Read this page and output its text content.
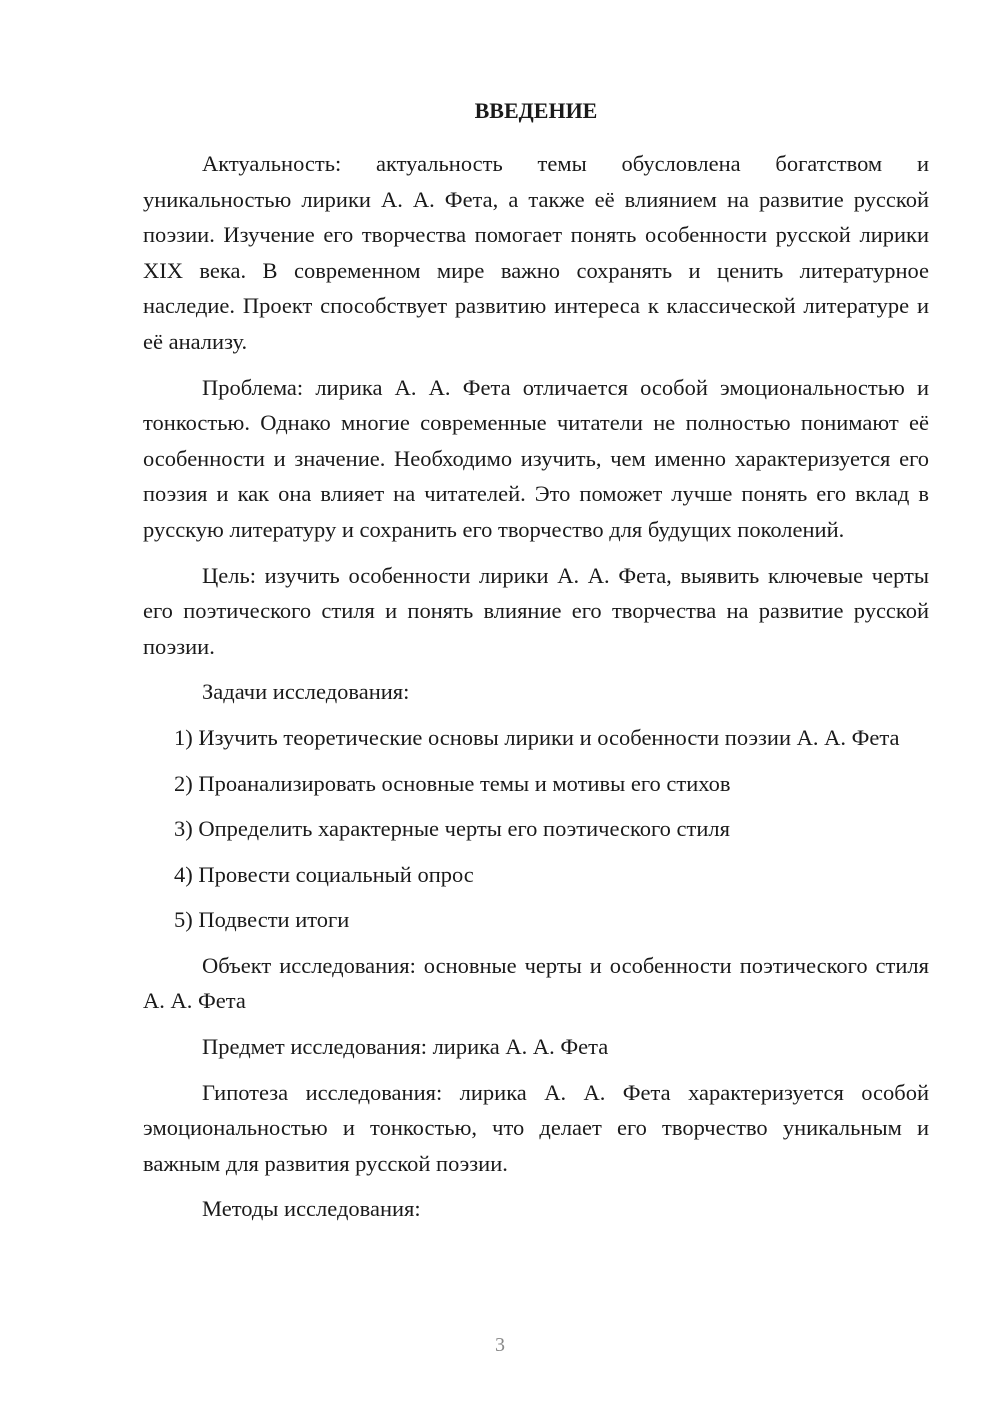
ВВЕДЕНИЕ

Актуальность: актуальность темы обусловлена богатством и уникальностью лирики А. А. Фета, а также её влиянием на развитие русской поэзии. Изучение его творчества помогает понять особенности русской лирики XIX века. В современном мире важно сохранять и ценить литературное наследие. Проект способствует развитию интереса к классической литературе и её анализу.

Проблема: лирика А. А. Фета отличается особой эмоциональностью и тонкостью. Однако многие современные читатели не полностью понимают её особенности и значение. Необходимо изучить, чем именно характеризуется его поэзия и как она влияет на читателей. Это поможет лучше понять его вклад в русскую литературу и сохранить его творчество для будущих поколений.

Цель: изучить особенности лирики А. А. Фета, выявить ключевые черты его поэтического стиля и понять влияние его творчества на развитие русской поэзии.

Задачи исследования:

1) Изучить теоретические основы лирики и особенности поэзии А. А. Фета

2) Проанализировать основные темы и мотивы его стихов

3) Определить характерные черты его поэтического стиля

4) Провести социальный опрос

5) Подвести итоги

Объект исследования: основные черты и особенности поэтического стиля А. А. Фета

Предмет исследования: лирика А. А. Фета

Гипотеза исследования: лирика А. А. Фета характеризуется особой эмоциональностью и тонкостью, что делает его творчество уникальным и важным для развития русской поэзии.

Методы исследования:

3
